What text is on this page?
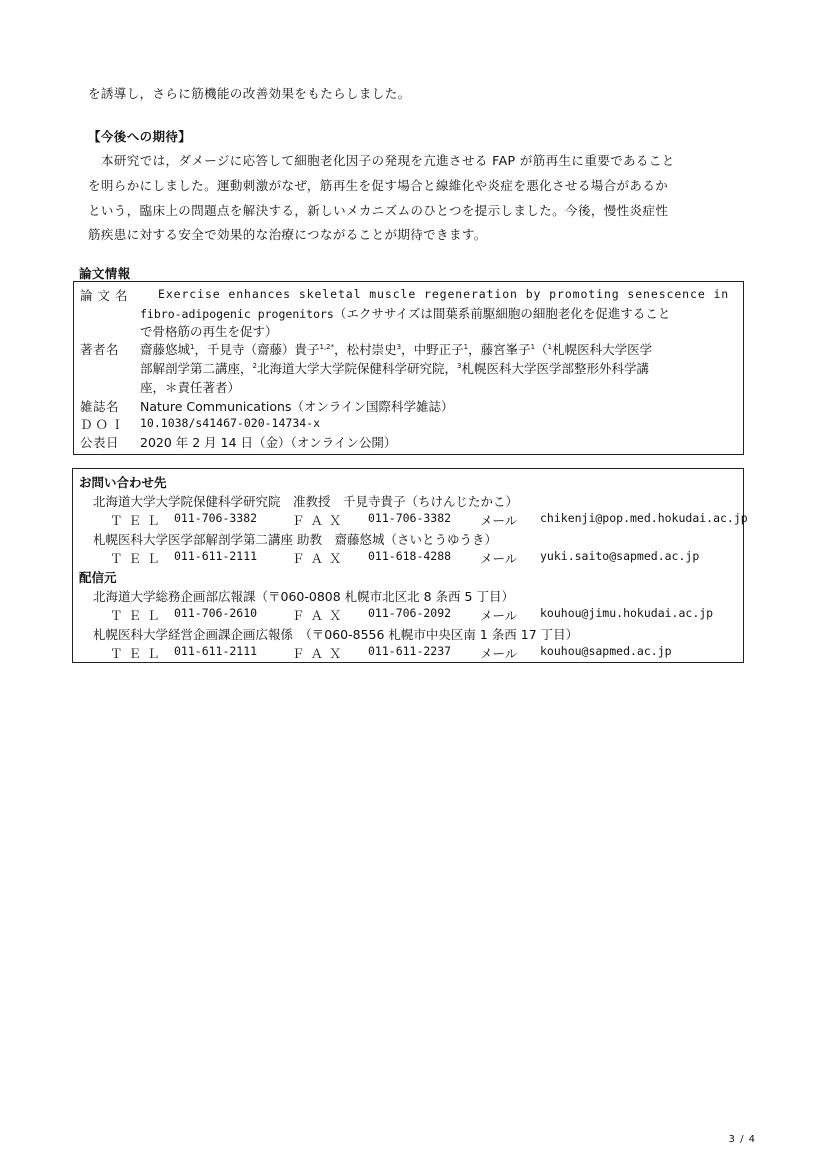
を誘導し，さらに筋機能の改善効果をもたらしました。
【今後への期待】
本研究では，ダメージに応答して細胞老化因子の発現を亢進させる FAP が筋再生に重要であること
を明らかにしました。運動刺激がなぜ，筋再生を促す場合と線維化や炎症を悪化させる場合があるか
という，臨床上の問題点を解決する，新しいメカニズムのひとつを提示しました。今後，慢性炎症性
筋疾患に対する安全で効果的な治療につながることが期待できます。
論文情報
論 文 名	Exercise enhances skeletal muscle regeneration by promoting senescence in
fibro-adipogenic progenitors（エクササイズは間葉系前駆細胞の細胞老化を促進すること
で骨格筋の再生を促す）
著者名 齋藤悠城$^1$，千見寺（齋藤）貴子$^{1,2*}$，松村崇史$^3$，中野正子$^1$，藤宮峯子$^1$（$^1$札幌医科大学医学
部解剖学第二講座，$^2$北海道大学大学院保健科学研究院，$^3$札幌医科大学医学部整形外科学講
座，＊責任著者）
雑誌名 Nature Communications（オンライン国際科学雑誌）
ＤＯＩ 10.1038/s41467-020-14734-x
公表日 2020 年 2 月 14 日（金）（オンライン公開）
お問い合わせ先
北海道大学大学院保健科学研究院　准教授　千見寺貴子（ちけんじたかこ）
ＴＥＬ 011-706-3382	ＦＡＸ 011-706-3382 メール chikenji@pop.med.hokudai.ac.jp
札幌医科大学医学部解剖学第二講座 助教　齋藤悠城（さいとうゆうき）
ＴＥＬ 011-611-2111	ＦＡＸ 011-618-4288 メール yuki.saito@sapmed.ac.jp
配信元
北海道大学総務企画部広報課（〒060-0808 札幌市北区北 8 条西 5 丁目）
ＴＥＬ 011-706-2610	ＦＡＸ 011-706-2092 メール kouhou@jimu.hokudai.ac.jp
札幌医科大学経営企画課企画広報係　（〒060-8556 札幌市中央区南 1 条西 17 丁目）
ＴＥＬ 011-611-2111	ＦＡＸ 011-611-2237 メール kouhou@sapmed.ac.jp
3 / 4
